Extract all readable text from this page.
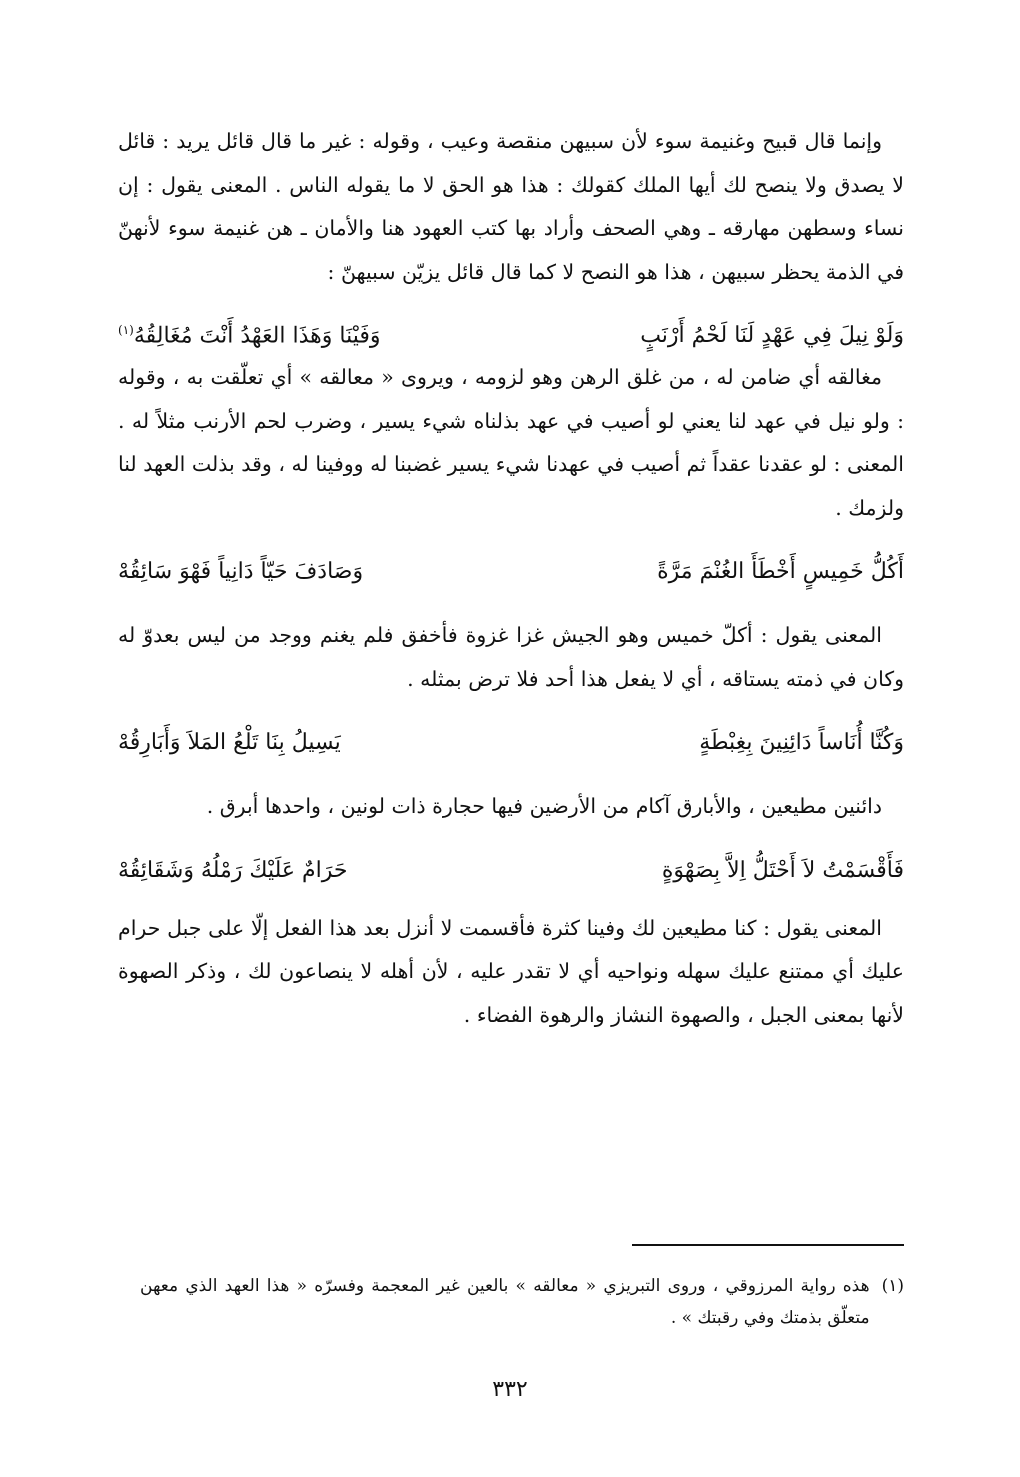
وإنما قال قبيح وغنيمة سوء لأن سبيهن منقصة وعيب ، وقوله : غير ما قال قائل يريد : قائل لا يصدق ولا ينصح لك أيها الملك كقولك : هذا هو الحق لا ما يقوله الناس . المعنى يقول : إن نساء وسطهن مهارقه ـ وهي الصحف وأراد بها كتب العهود هنا والأمان ـ هن غنيمة سوء لأنهنّ في الذمة يحظر سبيهن ، هذا هو النصح لا كما قال قائل يزيّن سبيهنّ :

وَلَوْ نِيلَ فِي عَهْدٍ لَنَا لَحْمُ أَرْنَبٍ
وَفَيْنَا وَهَذَا العَهْدُ أَنْتَ مُغَالِقُهُ$^{(١)}$

مغالقه أي ضامن له ، من غلق الرهن وهو لزومه ، ويروى « معالقه » أي تعلّقت به ، وقوله : ولو نيل في عهد لنا يعني لو أصيب في عهد بذلناه شيء يسير ، وضرب لحم الأرنب مثلاً له . المعنى : لو عقدنا عقداً ثم أصيب في عهدنا شيء يسير غضبنا له ووفينا له ، وقد بذلت العهد لنا ولزمك .

أَكُلُّ خَمِيسٍ أَخْطَأَ الغُنْمَ مَرَّةً
وَصَادَفَ حَيّاً دَانِياً فَهْوَ سَائِقُهْ

المعنى يقول : أكلّ خميس وهو الجيش غزا غزوة فأخفق فلم يغنم ووجد من ليس بعدوّ له وكان في ذمته يستاقه ، أي لا يفعل هذا أحد فلا ترض بمثله .

وَكُنَّا أُنَاساً دَائِنِينَ بِغِبْطَةٍ
يَسِيلُ بِنَا تَلْعُ المَلاَ وَأَبَارِقُهْ

دائنين مطيعين ، والأبارق آكام من الأرضين فيها حجارة ذات لونين ، واحدها أبرق .

فَأَقْسَمْتُ لاَ أَحْتَلُّ اِلاَّ بِصَهْوَةٍ
حَرَامٌ عَلَيْكَ رَمْلُهُ وَشَقَائِقُهْ

المعنى يقول : كنا مطيعين لك وفينا كثرة فأقسمت لا أنزل بعد هذا الفعل إلّا على جبل حرام عليك أي ممتنع عليك سهله ونواحيه أي لا تقدر عليه ، لأن أهله لا ينصاعون لك ، وذكر الصهوة لأنها بمعنى الجبل ، والصهوة النشاز والرهوة الفضاء .

(١)
هذه رواية المرزوقي ، وروى التبريزي « معالقه » بالعين غير المعجمة وفسرّه « هذا العهد الذي معهن متعلّق بذمتك وفي رقبتك » .
٣٣٢
